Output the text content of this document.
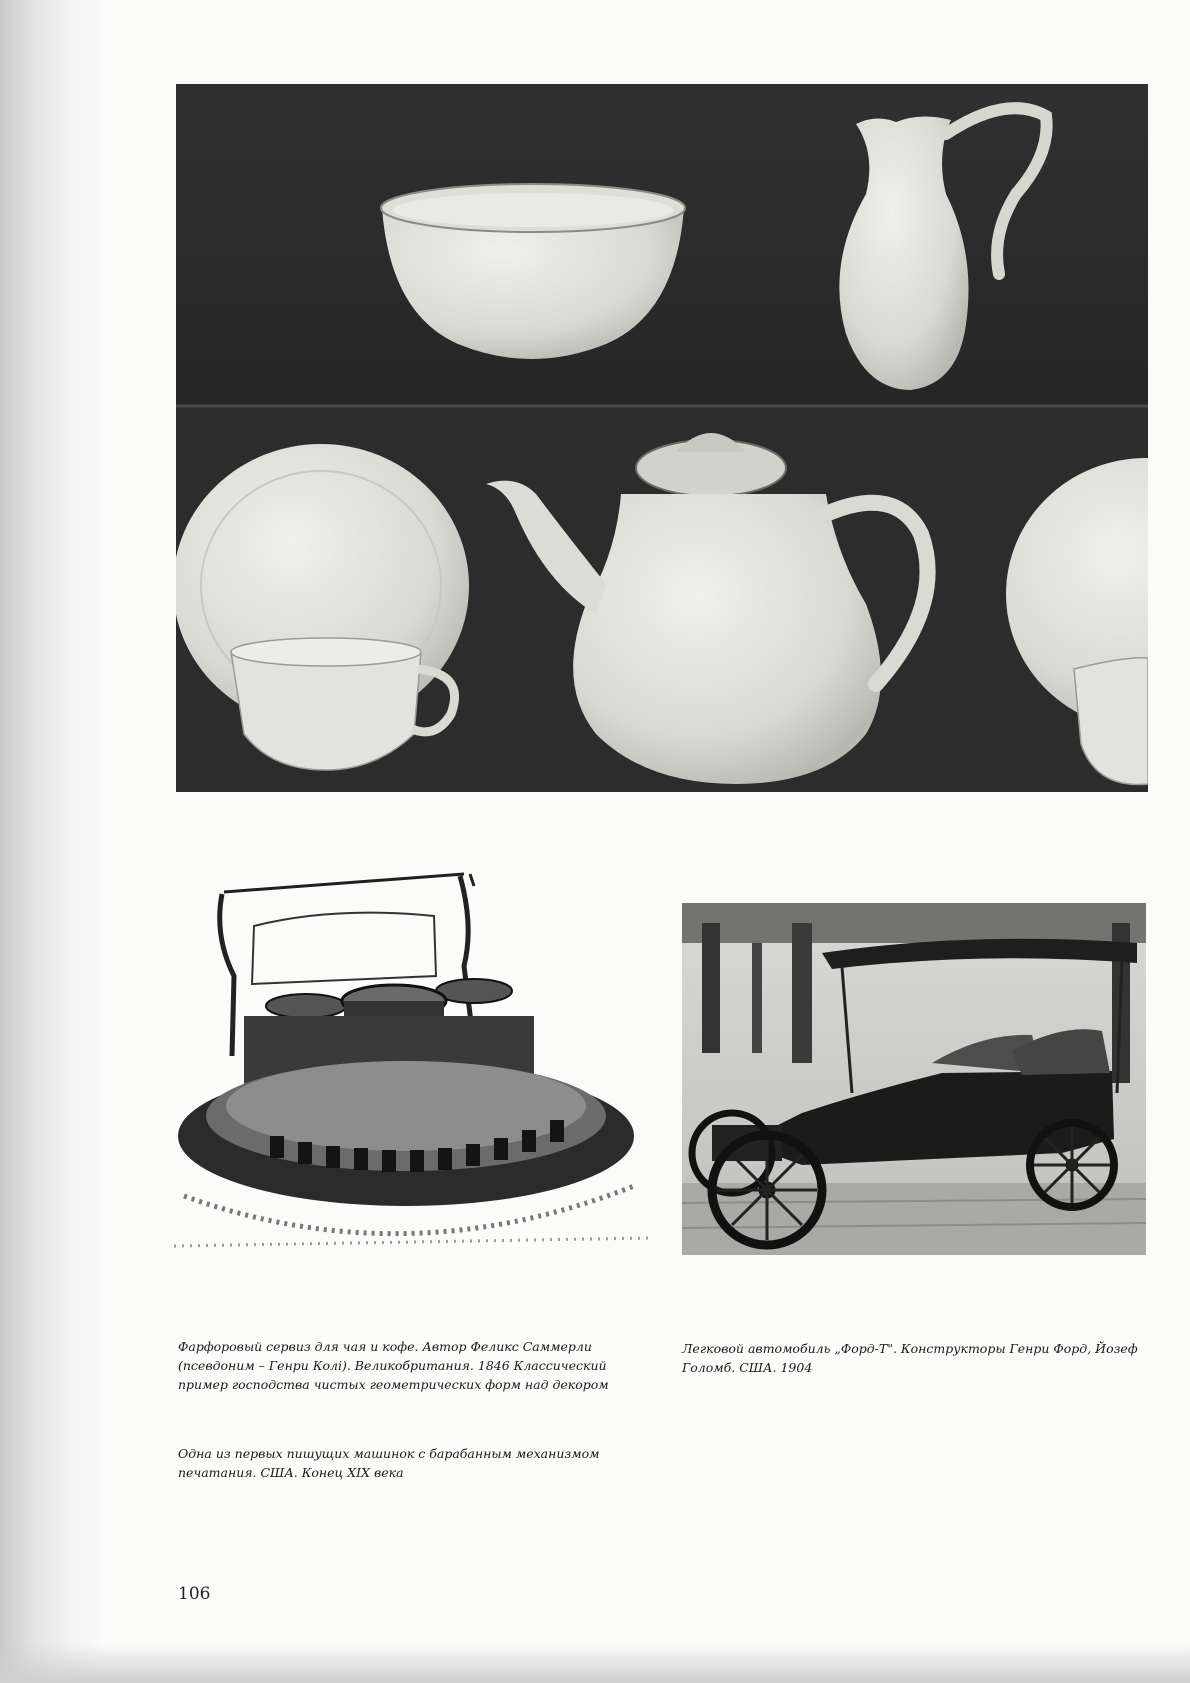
Фарфоровый сервиз для чая и кофе. Автор Феликс Саммерли (псевдоним – Генри Колі). Великобритания. 1846 Классический пример господства чистых геометрических форм над декором

Одна из первых пишущих машинок с барабанным механизмом печатания. США. Конец XIX века

Легковой автомобиль „Форд-Т". Конструкторы Генри Форд, Йозеф Голомб. США. 1904

106
